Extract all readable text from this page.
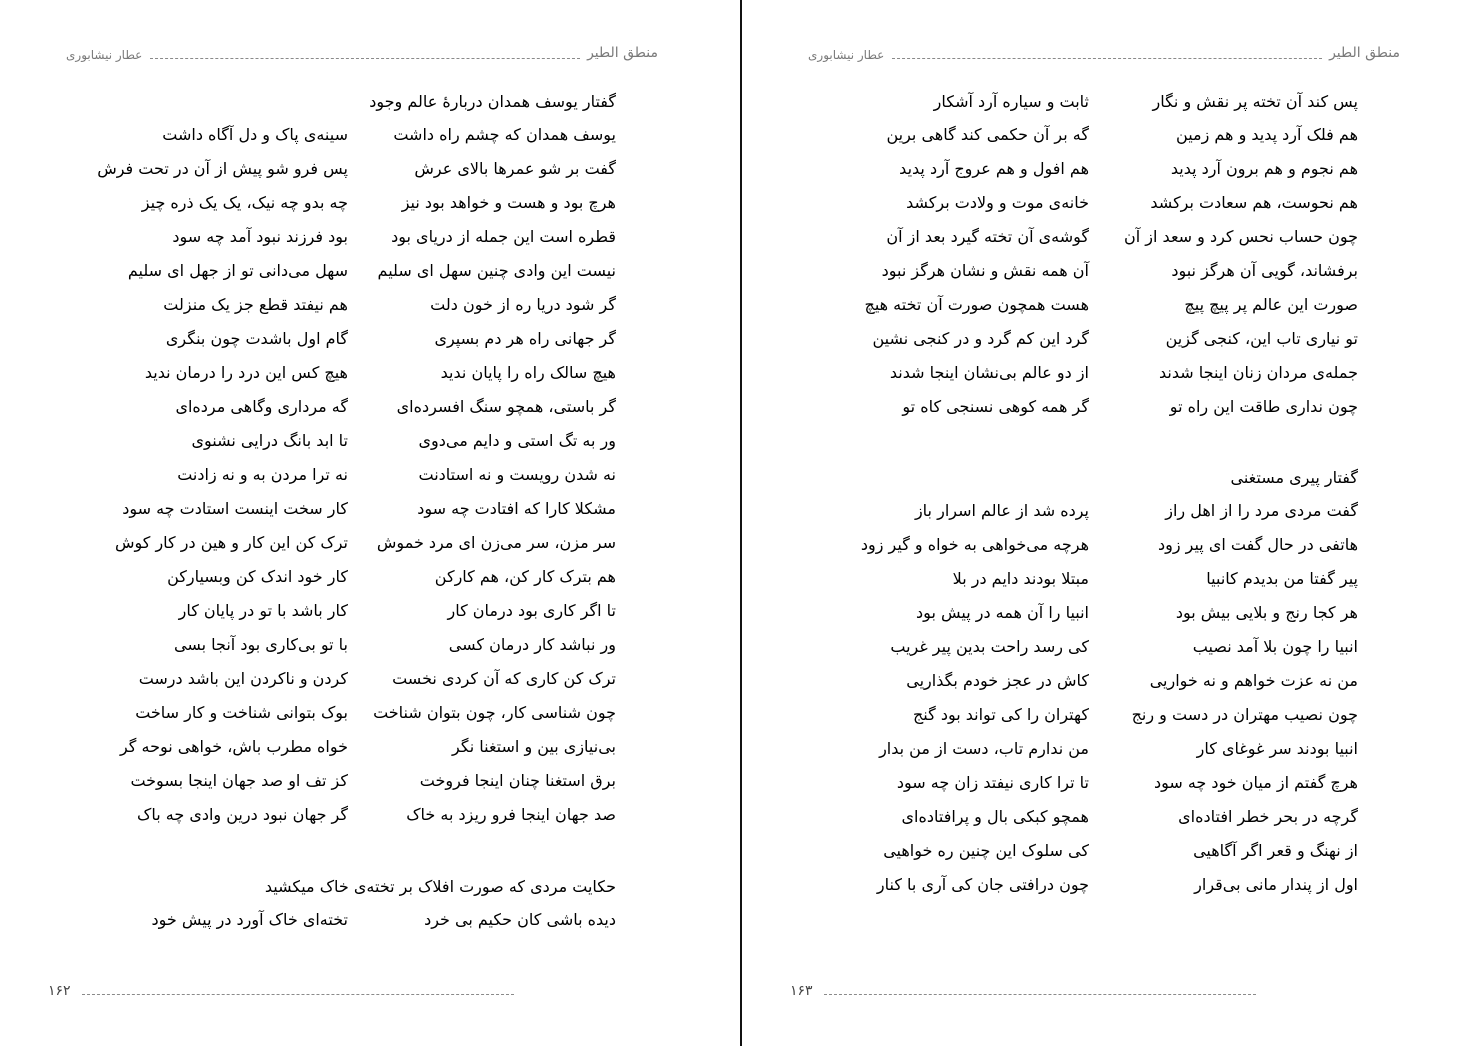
منطق الطیر
عطار نیشابوری
گفتار یوسف همدان دربارهٔ عالم وجود
یوسف همدان که چشم راه داشت
سینه‌ی پاک و دل آگاه داشت
گفت بر شو عمرها بالای عرش
پس فرو شو پیش از آن در تحت فرش
هرچ بود و هست و خواهد بود نیز
چه بدو چه نیک، یک یک ذره چیز
قطره است این جمله از دریای بود
بود فرزند نبود آمد چه سود
نیست این وادی چنین سهل ای سلیم
سهل می‌دانی تو از جهل ای سلیم
گر شود دریا ره از خون دلت
هم نیفتد قطع جز یک منزلت
گر جهانی راه هر دم بسپری
گام اول باشدت چون بنگری
هیچ سالک راه را پایان ندید
هیچ کس این درد را درمان ندید
گر باستی، همچو سنگ افسرده‌ای
گه مرداری وگاهی مرده‌ای
ور به تگ استی و دایم می‌دوی
تا ابد بانگ درایی نشنوی
نه شدن رویست و نه استادنت
نه ترا مردن به و نه زادنت
مشکلا کارا که افتادت چه سود
کار سخت اینست استادت چه سود
سر مزن، سر می‌زن ای مرد خموش
ترک کن این کار و هین در کار کوش
هم بترک کار کن، هم کارکن
کار خود اندک کن وبسیارکن
تا اگر کاری بود درمان کار
کار باشد با تو در پایان کار
ور نباشد کار درمان کسی
با تو بی‌کاری بود آنجا بسی
ترک کن کاری که آن کردی نخست
کردن و ناکردن این باشد درست
چون شناسی کار، چون بتوان شناخت
بوک بتوانی شناخت و کار ساخت
بی‌نیازی بین و استغنا نگر
خواه مطرب باش، خواهی نوحه گر
برق استغنا چنان اینجا فروخت
کز تف او صد جهان اینجا بسوخت
صد جهان اینجا فرو ریزد به خاک
گر جهان نبود درین وادی چه باک
حکایت مردی که صورت افلاک بر تخته‌ی خاک میکشید
دیده باشی کان حکیم بی خرد
تخته‌ای خاک آورد در پیش خود
۱۶۲
منطق الطیر
عطار نیشابوری
پس کند آن تخته پر نقش و نگار
ثابت و سیاره آرد آشکار
هم فلک آرد پدید و هم زمین
گه بر آن حکمی کند گاهی برین
هم نجوم و هم برون آرد پدید
هم افول و هم عروج آرد پدید
هم نحوست، هم سعادت برکشد
خانه‌ی موت و ولادت برکشد
چون حساب نحس کرد و سعد از آن
گوشه‌ی آن تخته گیرد بعد از آن
برفشاند، گویی آن هرگز نبود
آن همه نقش و نشان هرگز نبود
صورت این عالم پر پیچ پیچ
هست همچون صورت آن تخته هیچ
تو نیاری تاب این، کنجی گزین
گرد این کم گرد و در کنجی نشین
جمله‌ی مردان زنان اینجا شدند
از دو عالم بی‌نشان اینجا شدند
چون نداری طاقت این راه تو
گر همه کوهی نسنجی کاه تو
گفتار پیری مستغنی
گفت مردی مرد را از اهل راز
پرده شد از عالم اسرار باز
هاتفی در حال گفت ای پیر زود
هرچه می‌خواهی به خواه و گیر زود
پیر گفتا من بدیدم کانبیا
مبتلا بودند دایم در بلا
هر کجا رنج و بلایی بیش بود
انبیا را آن همه در پیش بود
انبیا را چون بلا آمد نصیب
کی رسد راحت بدین پیر غریب
من نه عزت خواهم و نه خواریی
کاش در عجز خودم بگذاریی
چون نصیب مهتران در دست و رنج
کهتران را کی تواند بود گنج
انبیا بودند سر غوغای کار
من ندارم تاب، دست از من بدار
هرچ گفتم از میان خود چه سود
تا ترا کاری نیفتد زان چه سود
گرچه در بحر خطر افتاده‌ای
همچو کبکی بال و پرافتاده‌ای
از نهنگ و قعر اگر آگاهیی
کی سلوک این چنین ره خواهیی
اول از پندار مانی بی‌قرار
چون درافتی جان کی آری با کنار
۱۶۳
